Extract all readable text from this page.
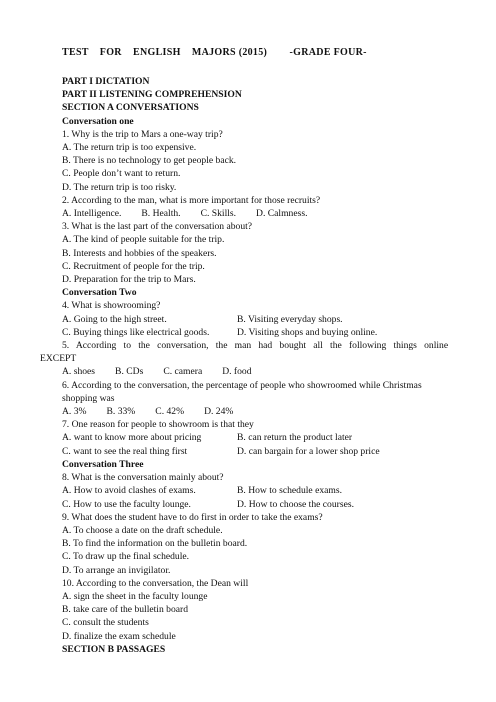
TEST    FOR    ENGLISH    MAJORS (2015)        -GRADE FOUR-
PART I DICTATION
PART II LISTENING COMPREHENSION
SECTION A CONVERSATIONS
Conversation one
1. Why is the trip to Mars a one-way trip?
A. The return trip is too expensive.
B. There is no technology to get people back.
C. People don’t want to return.
D. The return trip is too risky.
2. According to the man, what is more important for those recruits?
A. Intelligence. B. Health. C. Skills. D. Calmness.
3. What is the last part of the conversation about?
A. The kind of people suitable for the trip.
B. Interests and hobbies of the speakers.
C. Recruitment of people for the trip.
D. Preparation for the trip to Mars.
Conversation Two
4. What is showrooming?
A. Going to the high street.	B. Visiting everyday shops.
C. Buying things like electrical goods.	D. Visiting shops and buying online.
5.   According   to   the   conversation,   the   man   had   bought   all   the   following   things   online
EXCEPT
A. shoes B. CDs C. camera D. food
6. According to the conversation, the percentage of people who showroomed while Christmas
shopping was
A. 3% B. 33% C. 42% D. 24%
7. One reason for people to showroom is that they
A. want to know more about pricing	B. can return the product later
C. want to see the real thing first	D. can bargain for a lower shop price
Conversation Three
8. What is the conversation mainly about?
A. How to avoid clashes of exams.	B. How to schedule exams.
C. How to use the faculty lounge.	D. How to choose the courses.
9. What does the student have to do first in order to take the exams?
A. To choose a date on the draft schedule.
B. To find the information on the bulletin board.
C. To draw up the final schedule.
D. To arrange an invigilator.
10. According to the conversation, the Dean will
A. sign the sheet in the faculty lounge
B. take care of the bulletin board
C. consult the students
D. finalize the exam schedule
SECTION B PASSAGES
